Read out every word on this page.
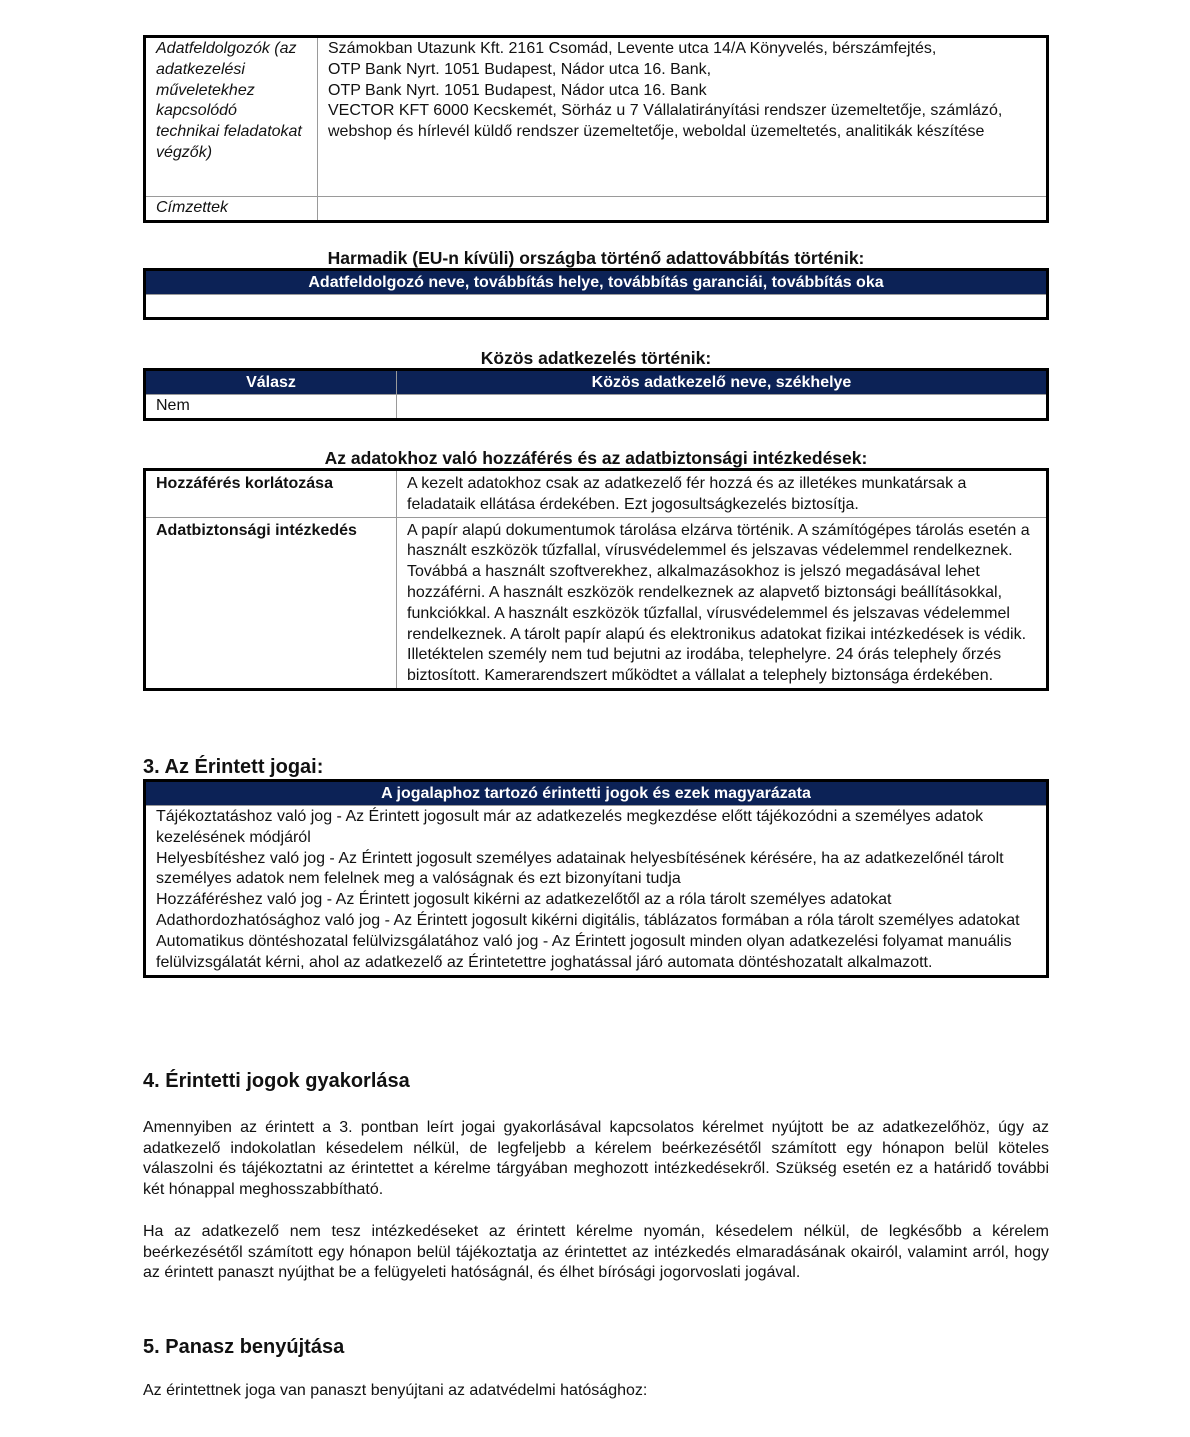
Adatfeldolgozók (az adatkezelési műveletekhez kapcsolódó technikai feladatokat végzők)	Számokban Utazunk Kft. 2161 Csomád, Levente utca 14/A Könyvelés, bérszámfejtés,
OTP Bank Nyrt. 1051 Budapest, Nádor utca 16. Bank,
OTP Bank Nyrt. 1051 Budapest, Nádor utca 16. Bank
VECTOR KFT 6000 Kecskemét, Sörház u 7 Vállalatirányítási rendszer üzemeltetője, számlázó, webshop és hírlevél küldő rendszer üzemeltetője, weboldal üzemeltetés, analitikák készítése

Címzettek	
Harmadik (EU-n kívüli) országba történő adattovábbítás történik:
Adatfeldolgozó neve, továbbítás helye, továbbítás garanciái, továbbítás oka

Közös adatkezelés történik:
Válasz	Közös adatkezelő neve, székhelye
Nem	
Az adatokhoz való hozzáférés és az adatbiztonsági intézkedések:
Hozzáférés korlátozása	A kezelt adatokhoz csak az adatkezelő fér hozzá és az illetékes munkatársak a feladataik ellátása érdekében. Ezt jogosultságkezelés biztosítja.
Adatbiztonsági intézkedés	A papír alapú dokumentumok tárolása elzárva történik. A számítógépes tárolás esetén a használt eszközök tűzfallal, vírusvédelemmel és jelszavas védelemmel rendelkeznek. Továbbá a használt szoftverekhez, alkalmazásokhoz is jelszó megadásával lehet hozzáférni. A használt eszközök rendelkeznek az alapvető biztonsági beállításokkal, funkciókkal. A használt eszközök tűzfallal, vírusvédelemmel és jelszavas védelemmel rendelkeznek. A tárolt papír alapú és elektronikus adatokat fizikai intézkedések is védik. Illetéktelen személy nem tud bejutni az irodába, telephelyre. 24 órás telephely őrzés biztosított. Kamerarendszert működtet a vállalat a telephely biztonsága érdekében.
3. Az Érintett jogai:
A jogalaphoz tartozó érintetti jogok és ezek magyarázata

Tájékoztatáshoz való jog - Az Érintett jogosult már az adatkezelés megkezdése előtt tájékozódni a személyes adatok kezelésének módjáról
Helyesbítéshez való jog - Az Érintett jogosult személyes adatainak helyesbítésének kérésére, ha az adatkezelőnél tárolt személyes adatok nem felelnek meg a valóságnak és ezt bizonyítani tudja
Hozzáféréshez való jog - Az Érintett jogosult kikérni az adatkezelőtől az a róla tárolt személyes adatokat
Adathordozhatósághoz való jog - Az Érintett jogosult kikérni digitális, táblázatos formában a róla tárolt személyes adatokat
Automatikus döntéshozatal felülvizsgálatához való jog - Az Érintett jogosult minden olyan adatkezelési folyamat manuális felülvizsgálatát kérni, ahol az adatkezelő az Érintetettre joghatással járó automata döntéshozatalt alkalmazott.
4. Érintetti jogok gyakorlása

Amennyiben az érintett a 3. pontban leírt jogai gyakorlásával kapcsolatos kérelmet nyújtott be az adatkezelőhöz, úgy az adatkezelő indokolatlan késedelem nélkül, de legfeljebb a kérelem beérkezésétől számított egy hónapon belül köteles válaszolni és tájékoztatni az érintettet a kérelme tárgyában meghozott intézkedésekről. Szükség esetén ez a határidő további két hónappal meghosszabbítható.

Ha az adatkezelő nem tesz intézkedéseket az érintett kérelme nyomán, késedelem nélkül, de legkésőbb a kérelem beérkezésétől számított egy hónapon belül tájékoztatja az érintettet az intézkedés elmaradásának okairól, valamint arról, hogy az érintett panaszt nyújthat be a felügyeleti hatóságnál, és élhet bírósági jogorvoslati jogával.

5. Panasz benyújtása

Az érintettnek joga van panaszt benyújtani az adatvédelmi hatósághoz:
